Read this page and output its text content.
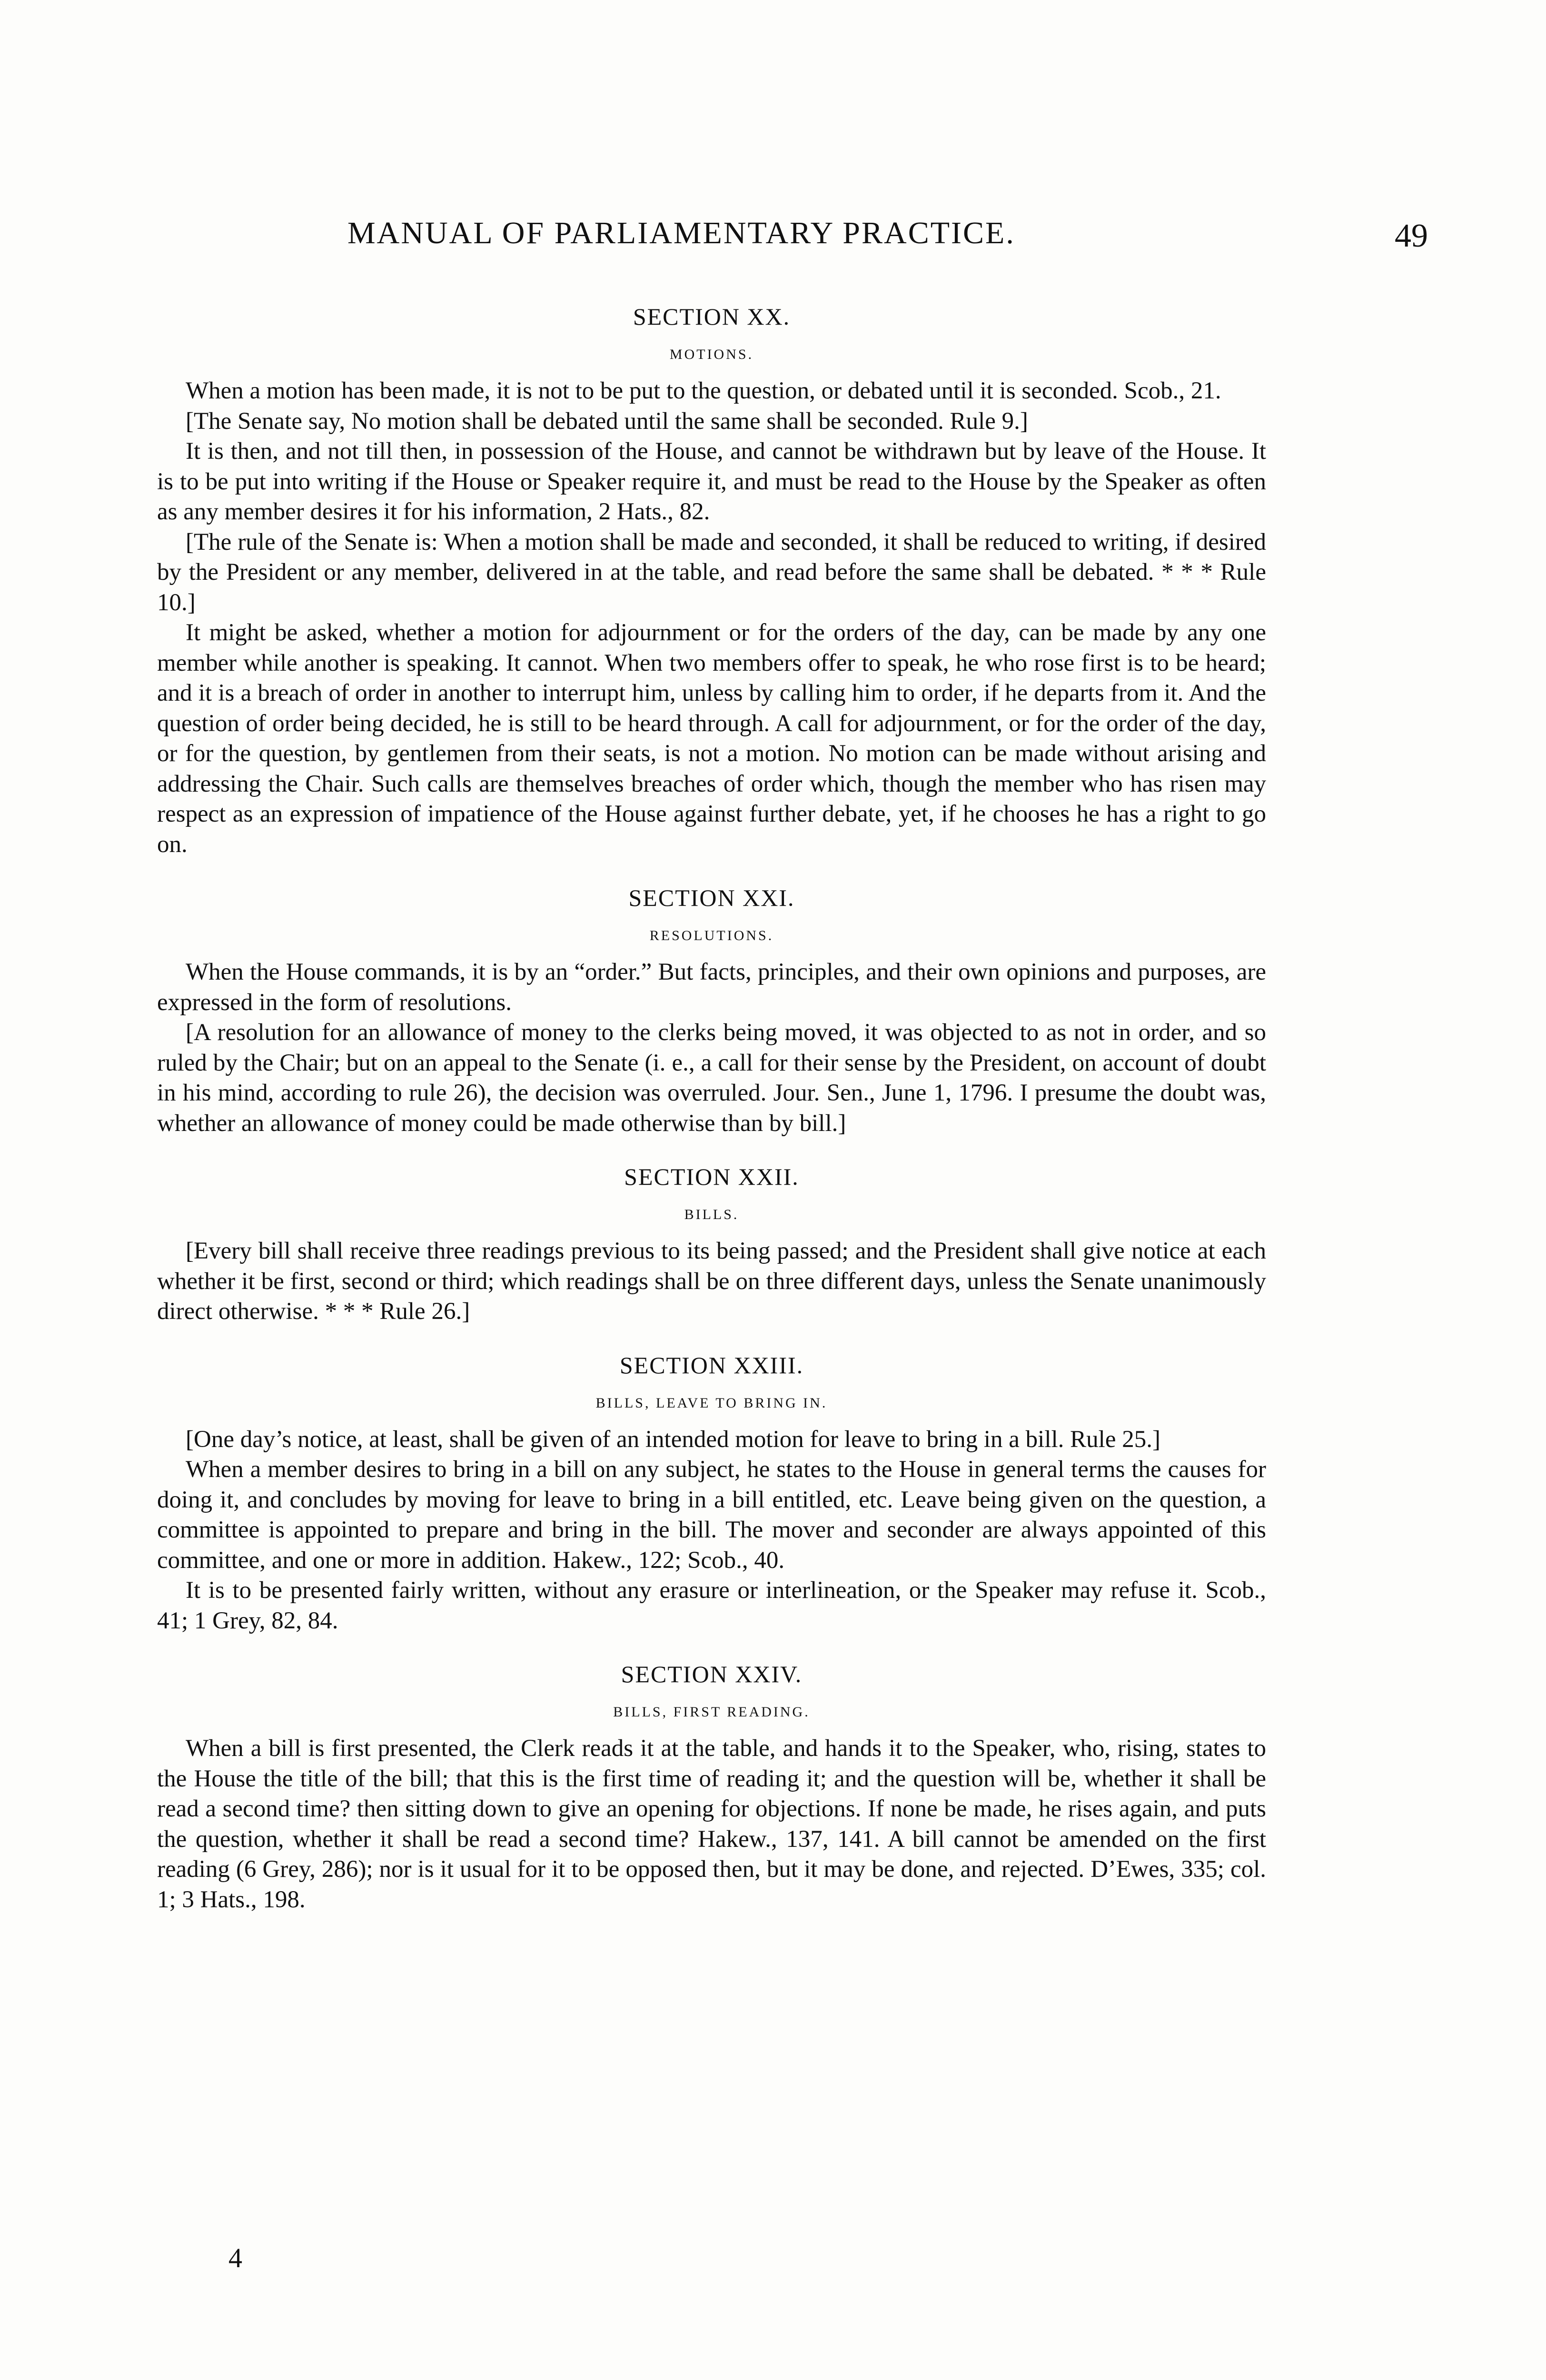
MANUAL OF PARLIAMENTARY PRACTICE.	49
SECTION XX.
MOTIONS.

When a motion has been made, it is not to be put to the question, or debated until it is seconded. Scob., 21.

[The Senate say, No motion shall be debated until the same shall be seconded. Rule 9.]

It is then, and not till then, in possession of the House, and cannot be withdrawn but by leave of the House. It is to be put into writing if the House or Speaker require it, and must be read to the House by the Speaker as often as any member desires it for his information, 2 Hats., 82.

[The rule of the Senate is: When a motion shall be made and seconded, it shall be reduced to writing, if desired by the President or any member, delivered in at the table, and read before the same shall be debated. * * * Rule 10.]

It might be asked, whether a motion for adjournment or for the orders of the day, can be made by any one member while another is speaking. It cannot. When two members offer to speak, he who rose first is to be heard; and it is a breach of order in another to interrupt him, unless by calling him to order, if he departs from it. And the question of order being decided, he is still to be heard through. A call for adjournment, or for the order of the day, or for the question, by gentlemen from their seats, is not a motion. No motion can be made without arising and addressing the Chair. Such calls are themselves breaches of order which, though the member who has risen may respect as an expression of impatience of the House against further debate, yet, if he chooses he has a right to go on.

SECTION XXI.
RESOLUTIONS.

When the House commands, it is by an “order.” But facts, principles, and their own opinions and purposes, are expressed in the form of resolutions.

[A resolution for an allowance of money to the clerks being moved, it was objected to as not in order, and so ruled by the Chair; but on an appeal to the Senate (i. e., a call for their sense by the President, on account of doubt in his mind, according to rule 26), the decision was overruled. Jour. Sen., June 1, 1796. I presume the doubt was, whether an allowance of money could be made otherwise than by bill.]

SECTION XXII.
BILLS.

[Every bill shall receive three readings previous to its being passed; and the President shall give notice at each whether it be first, second or third; which readings shall be on three different days, unless the Senate unanimously direct otherwise. * * * Rule 26.]

SECTION XXIII.
BILLS, LEAVE TO BRING IN.

[One day’s notice, at least, shall be given of an intended motion for leave to bring in a bill. Rule 25.]

When a member desires to bring in a bill on any subject, he states to the House in general terms the causes for doing it, and concludes by moving for leave to bring in a bill entitled, etc. Leave being given on the question, a committee is appointed to prepare and bring in the bill. The mover and seconder are always appointed of this committee, and one or more in addition. Hakew., 122; Scob., 40.

It is to be presented fairly written, without any erasure or interlineation, or the Speaker may refuse it. Scob., 41; 1 Grey, 82, 84.

SECTION XXIV.
BILLS, FIRST READING.

When a bill is first presented, the Clerk reads it at the table, and hands it to the Speaker, who, rising, states to the House the title of the bill; that this is the first time of reading it; and the question will be, whether it shall be read a second time? then sitting down to give an opening for objections. If none be made, he rises again, and puts the question, whether it shall be read a second time? Hakew., 137, 141. A bill cannot be amended on the first reading (6 Grey, 286); nor is it usual for it to be opposed then, but it may be done, and rejected. D’Ewes, 335; col. 1; 3 Hats., 198.

4
